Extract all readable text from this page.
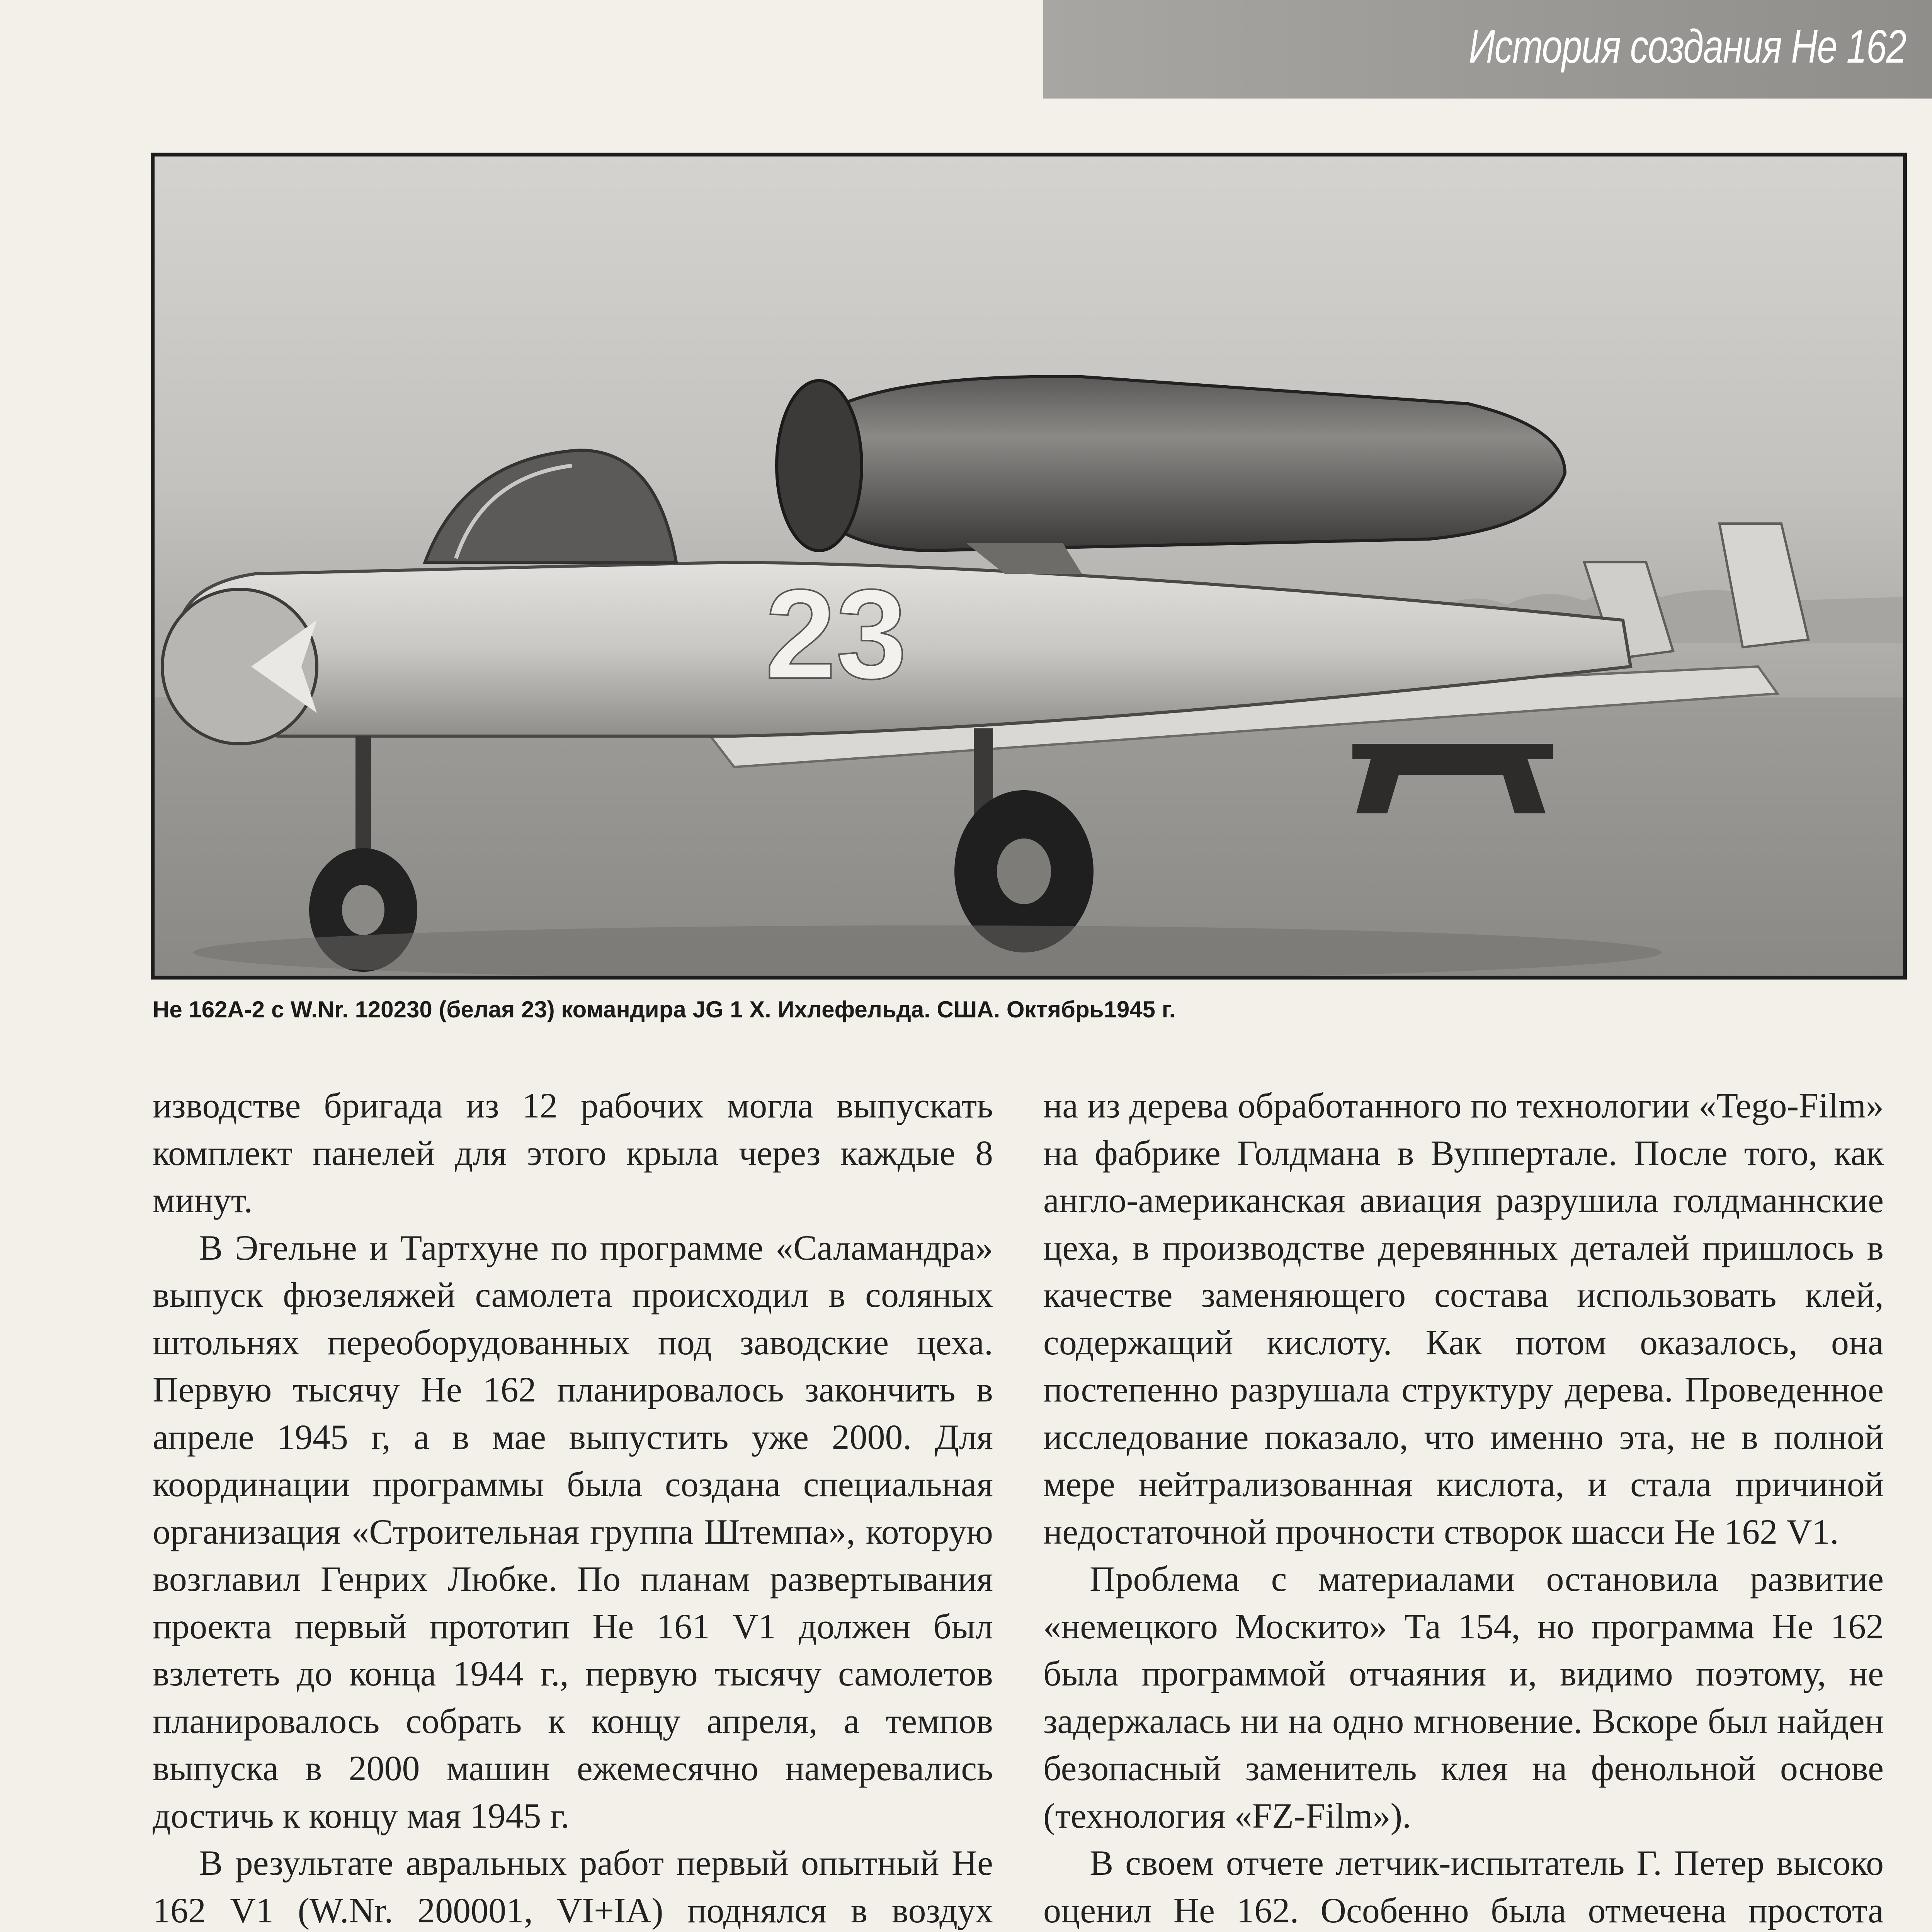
История создания Не 162
23
He 162A-2 c W.Nr. 120230 (белая 23) командира JG 1 X. Ихлефельда. США. Октябрь1945 г.

изводстве бригада из 12 рабочих могла выпускать комплект панелей для этого крыла через каждые 8 минут.

В Эгельне и Тартхуне по программе «Саламандра» выпуск фюзеляжей самолета происходил в соляных штольнях переоборудованных под заводские цеха. Первую тысячу Не 162 планировалось закончить в апреле 1945 г, а в мае выпустить уже 2000. Для координации программы была создана специальная организация «Строительная группа Штемпа», которую возглавил Генрих Любке. По планам развертывания проекта первый прототип Не 161 V1 должен был взлететь до конца 1944 г., первую тысячу самолетов планировалось собрать к концу апреля, а темпов выпуска в 2000 машин ежемесячно намеревались достичь к концу мая 1945 г.

В результате авральных работ первый опытный Не 162 V1 (W.Nr. 200001, VI+IA) поднялся в воздух

на из дерева обработанного по технологии «Tego-Film» на фабрике Голдмана в Вуппертале. После того, как англо-американская авиация разрушила голдманнские цеха, в производстве деревянных деталей пришлось в качестве заменяющего состава использовать клей, содержащий кислоту. Как потом оказалось, она постепенно разрушала структуру дерева. Проведенное исследование показало, что именно эта, не в полной мере нейтрализованная кислота, и стала причиной недостаточной прочности створок шасси Не 162 V1.

Проблема с материалами остановила развитие «немецкого Москито» Та 154, но программа Не 162 была программой отчаяния и, видимо поэтому, не задержалась ни на одно мгновение. Вскоре был найден безопасный заменитель клея на фенольной основе (технология «FZ-Film»).

В своем отчете летчик-испытатель Г. Петер высоко оценил Не 162. Особенно была отмечена простота
